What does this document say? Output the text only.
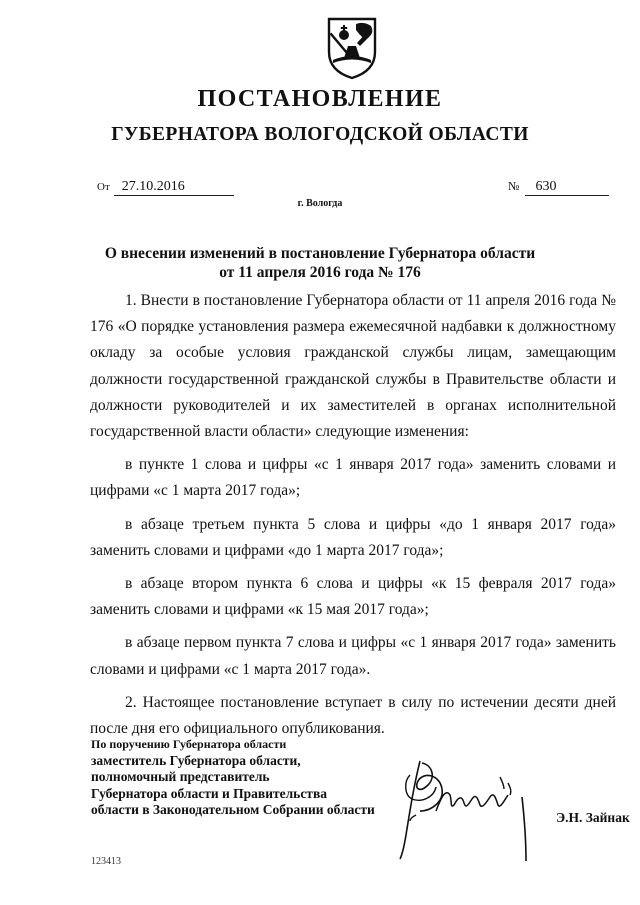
ПОСТАНОВЛЕНИЕ
ГУБЕРНАТОРА ВОЛОГОДСКОЙ ОБЛАСТИ
От 27.10.2016	№ 630
г. Вологда
О внесении изменений в постановление Губернатора области
от 11 апреля 2016 года № 176

1. Внести в постановление Губернатора области от 11 апреля 2016 года № 176 «О порядке установления размера ежемесячной надбавки к должностному окладу за особые условия гражданской службы лицам, замещающим должности государственной гражданской службы в Правительстве области и должности руководителей и их заместителей в органах исполнительной государственной власти области» следующие изменения:

в пункте 1 слова и цифры «с 1 января 2017 года» заменить словами и цифрами «с 1 марта 2017 года»;

в абзаце третьем пункта 5 слова и цифры «до 1 января 2017 года» заменить словами и цифрами «до 1 марта 2017 года»;

в абзаце втором пункта 6 слова и цифры «к 15 февраля 2017 года» заменить словами и цифрами «к 15 мая 2017 года»;

в абзаце первом пункта 7 слова и цифры «с 1 января 2017 года» заменить словами и цифрами «с 1 марта 2017 года».

2. Настоящее постановление вступает в силу по истечении десяти дней после дня его официального опубликования.

По поручению Губернатора области
заместитель Губернатора области,
полномочный представитель
Губернатора области и Правительства
области в Законодательном Собрании области
Э.Н. Зайнак
123413
